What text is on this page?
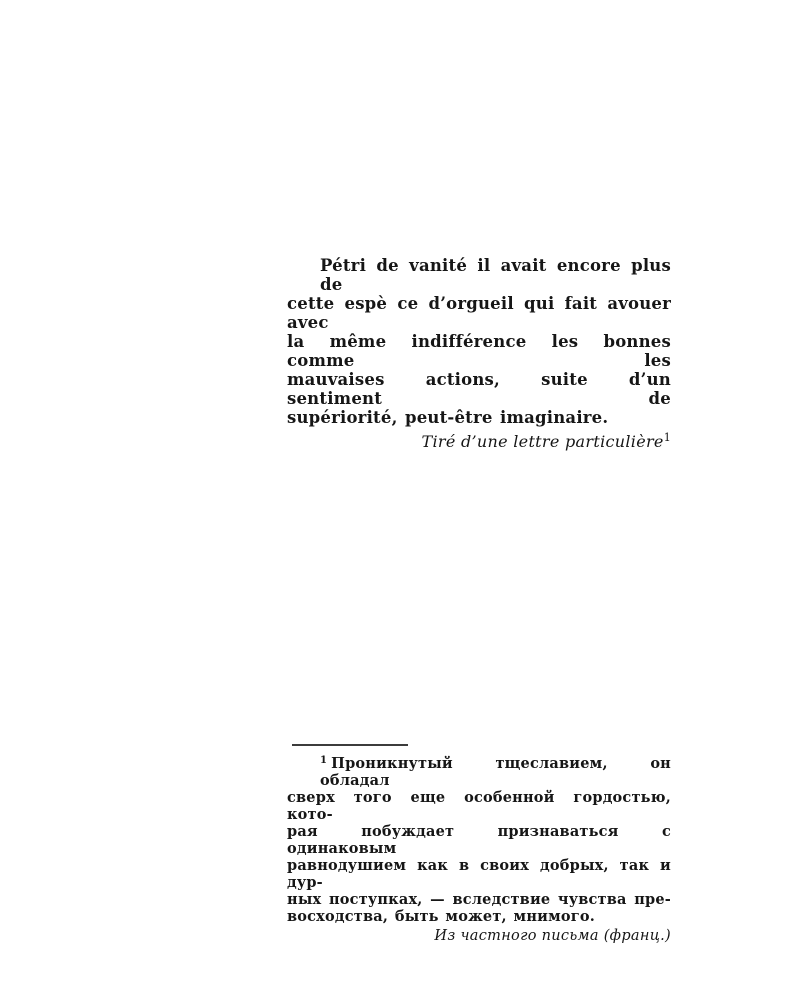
Pétri de vanité il avait encore plus de
cette espè ce d’orgueil qui fait avouer avec
la même indifférence les bonnes comme les
mauvaises actions, suite d’un sentiment de
supériorité, peut-être imaginaire.
Tiré d’une lettre particulière$^1$
$^1$ Проникнутый тщеславием, он обладал
сверх того еще особенной гордостью, кото-
рая побуждает признаваться с одинаковым
равнодушием как в своих добрых, так и дур-
ных поступках, — вследствие чувства пре-
восходства, быть может, мнимого.
Из частного письма (франц.)
